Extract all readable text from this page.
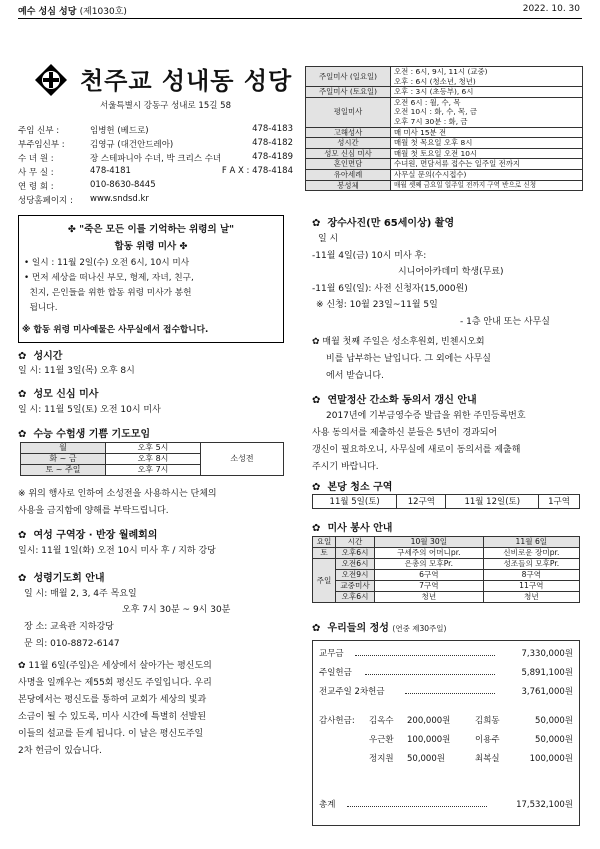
예수 성심 성당 (제1030호)	2022. 10. 30
천주교 성내동 성당
서울특별시 강동구 성내로 15길 58
주임 신부 :	임병헌 (베드로)	478-4183
부주임신부 :	김영규 (대건안드레아)	478-4182
수 녀 원 :	장 스테파니아 수녀, 박 크리스 수녀	478-4189
사 무 실 :	478-4181	F A X : 478-4184
연 령 회 :	010-8630-8445
성당홈페이지 : www.sndsd.kr
주일미사 (일요일)	오전 : 6시, 9시, 11시 (교중)
오후 : 6시 (청소년, 청년)

주일미사 (토요일)	오후 : 3시 (초등부), 6시
평일미사	오전 6시 : 월, 수, 목
오전 10시 : 화, 수, 목, 금
오후 7시 30분 : 화, 금

고해성사	매 미사 15분 전
성시간	매월 첫 목요일 오후 8시
성모 신심 미사	매월 첫 토요일 오전 10시
혼인면담	수녀원, 면담서류 접수는 일주일 전까지
유아세례	사무실 문의(수시접수)
봉성체	매월 셋째 금요일 일주일 전까지 구역 반으로 신청
✤ "죽은 모든 이를 기억하는 위령의 날"
합동 위령 미사 ✤
• 일시 : 11월 2일(수) 오전 6시, 10시 미사
• 먼저 세상을 떠나신 부모, 형제, 자녀, 친구,
친지, 은인들을 위한 합동 위령 미사가 봉헌
됩니다.
※ 합동 위령 미사예물은 사무실에서 접수합니다.
✿ 성시간
일 시: 11월 3일(목) 오후 8시
✿ 성모 신심 미사
일 시: 11월 5일(토) 오전 10시 미사
✿ 수능 수험생 기쁨 기도모임
월	오후 5시	소성전
화 ~ 금	오후 8시	
토 ~ 주일	오후 7시	
※ 위의 행사로 인하여 소성전을 사용하시는 단체의
사용을 금지함에 양해를 부탁드립니다.
✿ 여성 구역장 · 반장 월례회의
일시: 11월 1일(화) 오전 10시 미사 후 / 지하 강당
✿ 성령기도회 안내
일 시: 매월 2, 3, 4주 목요일
오후 7시 30분 ~ 9시 30분
장 소: 교육관 지하강당
문 의: 010-8872-6147
✿ 11월 6일(주일)은 세상에서 살아가는 평신도의
사명을 일깨우는 제55회 평신도 주일입니다. 우리
본당에서는 평신도를 통하여 교회가 세상의 빛과
소금이 될 수 있도록, 미사 시간에 특별히 선발된
이들의 설교를 듣게 됩니다. 이 날은 평신도주일
2차 헌금이 있습니다.
✿ 장수사진(만 65세이상) 촬영
일 시
-11월 4일(금) 10시 미사 후:
시니어아카데미 학생(무료)
-11월 6일(일): 사전 신청자(15,000원)
※ 신청: 10월 23일~11월 5일
- 1층 안내 또는 사무실
✿ 매월 첫째 주일은 성소후원회, 빈첸시오회
비를 납부하는 날입니다. 그 외에는 사무실
에서 받습니다.
✿ 연말정산 간소화 동의서 갱신 안내
2017년에 기부금영수증 발급을 위한 주민등록번호
사용 동의서를 제출하신 분들은 5년이 경과되어
갱신이 필요하오니, 사무실에 새로이 동의서를 제출해
주시기 바랍니다.
✿ 본당 청소 구역
11월 5일(토)	12구역	11월 12일(토)	1구역
✿ 미사 봉사 안내
요일	시간	10월 30일	11월 6일
토	오후6시	구세주의 어머니pr.	신비로운 장미pr.
주일	오전6시	은총의 모후Pr.	성조들의 모후Pr.
	오전9시	6구역	8구역
	교중미사	7구역	11구역
	오후6시	청년	청년
✿ 우리들의 정성 (연중 제30주일)
교무금	7,330,000원
주일헌금	5,891,100원
전교주일 2차헌금	3,761,000원
감사헌금: 김옥수 200,000원	김희동	50,000원
우근환 100,000원	이용주	50,000원
정지원 50,000원	최복실	100,000원
총계	17,532,100원
